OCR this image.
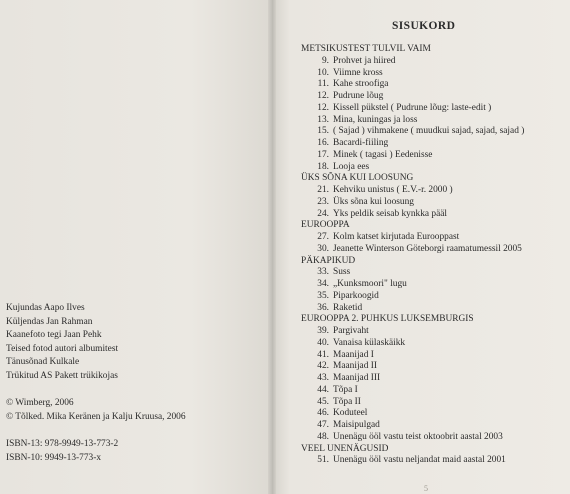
Kujundas Aapo Ilves
Küljendas Jan Rahman
Kaanefoto tegi Jaan Pehk
Teised fotod autori albumitest
Tänusõnad Kulkale
Trükitud AS Pakett trükikojas
© Wimberg, 2006
© Tõlked. Mika Keränen ja Kalju Kruusa, 2006
ISBN-13: 978-9949-13-773-2
ISBN-10: 9949-13-773-x
SISUKORD
METSIKUSTEST TULVIL VAIM
9. Prohvet ja hiired
10. Viimne kross
11. Kahe stroofiga
12. Pudrune lõug
12. Kissell pükstel ( Pudrune lõug: laste-edit )
13. Mina, kuningas ja loss
15. ( Sajad ) vihmakene ( muudkui sajad, sajad, sajad )
16. Bacardi-fiiling
17. Minek ( tagasi ) Eedenisse
18. Looja ees
ÜKS SÕNA KUI LOOSUNG
21. Kehviku unistus ( E.V.-r. 2000 )
23. Üks sõna kui loosung
24. Yks peldik seisab kynkka pääl
EUROOPPA
27. Kolm katset kirjutada Eurooppast
30. Jeanette Winterson Göteborgi raamatumessil 2005
PÄKAPIKUD
33. Suss
34. „Kunksmoori" lugu
35. Piparkoogid
36. Raketid
EUROOPPA 2. PUHKUS LUKSEMBURGIS
39. Pargivaht
40. Vanaisa külaskäikk
41. Maanijad I
42. Maanijad II
43. Maanijad III
44. Tõpa I
45. Tõpa II
46. Koduteel
47. Maisipulgad
48. Unenägu ööl vastu teist oktoobrit aastal 2003
VEEL UNENÄGUSID
51. Unenägu ööl vastu neljandat maid aastal 2001
5
